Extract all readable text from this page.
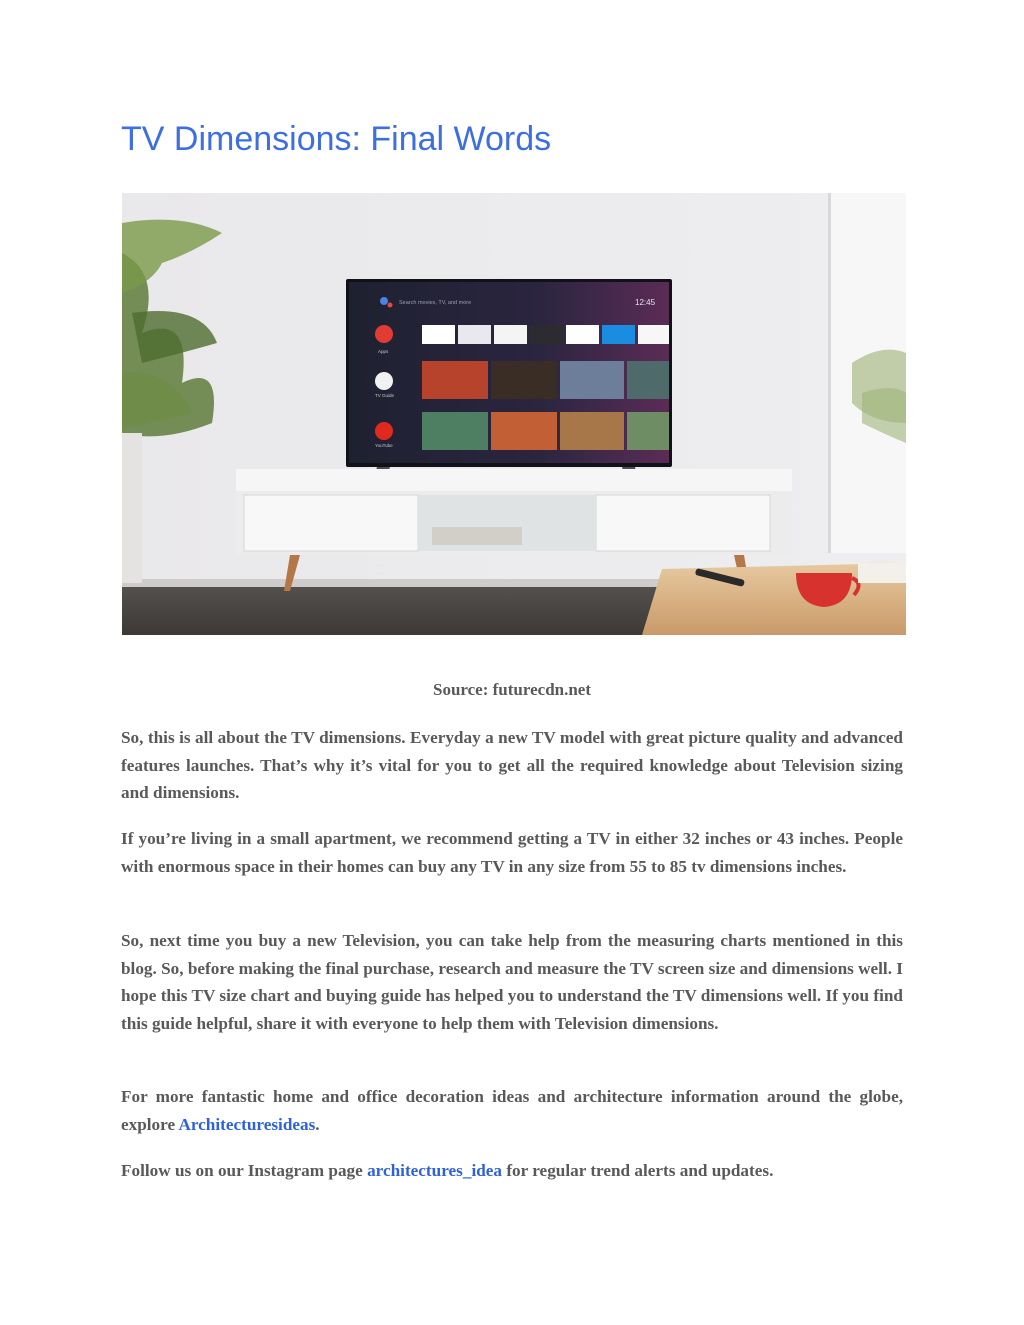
TV Dimensions: Final Words
Search movies, TV, and more	12:45
Apps
TV Guide
YouTube
Source: futurecdn.net

So, this is all about the TV dimensions. Everyday a new TV model with great picture quality and advanced features launches. That’s why it’s vital for you to get all the required knowledge about Television sizing and dimensions.

If you’re living in a small apartment, we recommend getting a TV in either 32 inches or 43 inches. People with enormous space in their homes can buy any TV in any size from 55 to 85 tv dimensions inches.

So, next time you buy a new Television, you can take help from the measuring charts mentioned in this blog. So, before making the final purchase, research and measure the TV screen size and dimensions well. I hope this TV size chart and buying guide has helped you to understand the TV dimensions well. If you find this guide helpful, share it with everyone to help them with Television dimensions.

For more fantastic home and office decoration ideas and architecture information around the globe, explore Architecturesideas.

Follow us on our Instagram page architectures_idea for regular trend alerts and updates.
